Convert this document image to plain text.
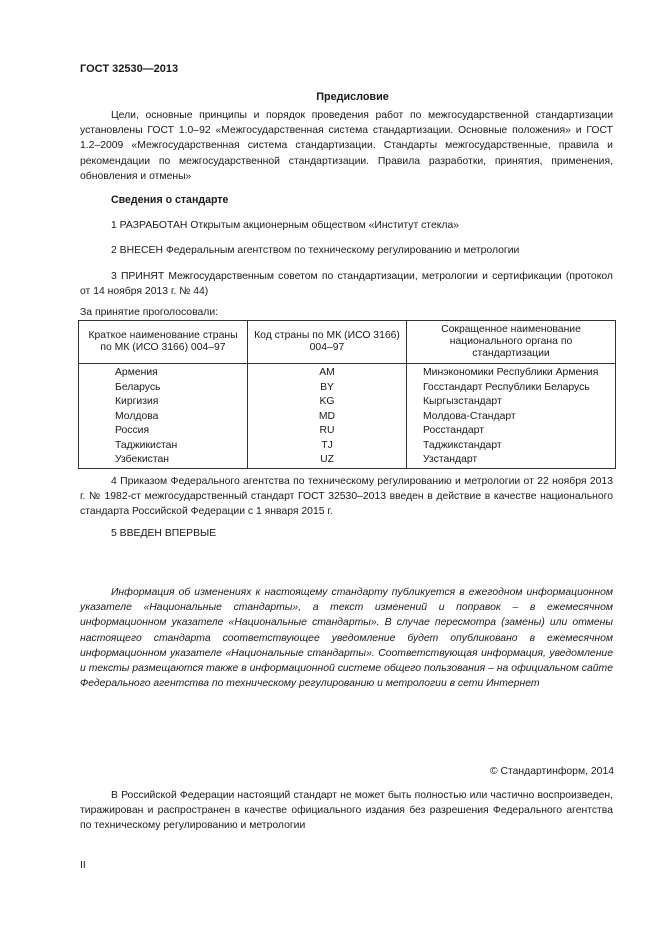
ГОСТ 32530—2013
Предисловие
Цели, основные принципы и порядок проведения работ по межгосударственной стандартизации установлены ГОСТ 1.0–92 «Межгосударственная система стандартизации. Основные положения» и ГОСТ 1.2–2009 «Межгосударственная система стандартизации. Стандарты межгосударственные, правила и рекомендации по межгосударственной стандартизации. Правила разработки, принятия, применения, обновления и отмены»
Сведения о стандарте
1 РАЗРАБОТАН Открытым акционерным обществом «Институт стекла»
2 ВНЕСЕН Федеральным агентством по техническому регулированию и метрологии
3 ПРИНЯТ Межгосударственным советом по стандартизации, метрологии и сертификации (протокол от 14 ноября 2013 г. № 44)
За принятие проголосовали:
Краткое наименование страны по МК (ИСО 3166) 004–97	Код страны по МК (ИСО 3166) 004–97	Сокращенное наименование национального органа по стандартизации
Армения	AM	Минэкономики Республики Армения
Беларусь	BY	Госстандарт Республики Беларусь
Киргизия	KG	Кыргызстандарт
Молдова	MD	Молдова-Стандарт
Россия	RU	Росстандарт
Таджикистан	TJ	Таджикстандарт
Узбекистан	UZ	Узстандарт
4 Приказом Федерального агентства по техническому регулированию и метрологии от 22 ноября 2013 г. № 1982-ст межгосударственный стандарт ГОСТ 32530–2013 введен в действие в качестве национального стандарта Российской Федерации с 1 января 2015 г.
5 ВВЕДЕН ВПЕРВЫЕ
Информация об изменениях к настоящему стандарту публикуется в ежегодном информационном указателе «Национальные стандарты», а текст изменений и поправок – в ежемесячном информационном указателе «Национальные стандарты». В случае пересмотра (замены) или отмены настоящего стандарта соответствующее уведомление будет опубликовано в ежемесячном информационном указателе «Национальные стандарты». Соответствующая информация, уведомление и тексты размещаются также в информационной системе общего пользования – на официальном сайте Федерального агентства по техническому регулированию и метрологии в сети Интернет
© Стандартинформ, 2014
В Российской Федерации настоящий стандарт не может быть полностью или частично воспроизведен, тиражирован и распространен в качестве официального издания без разрешения Федерального агентства по техническому регулированию и метрологии
II
